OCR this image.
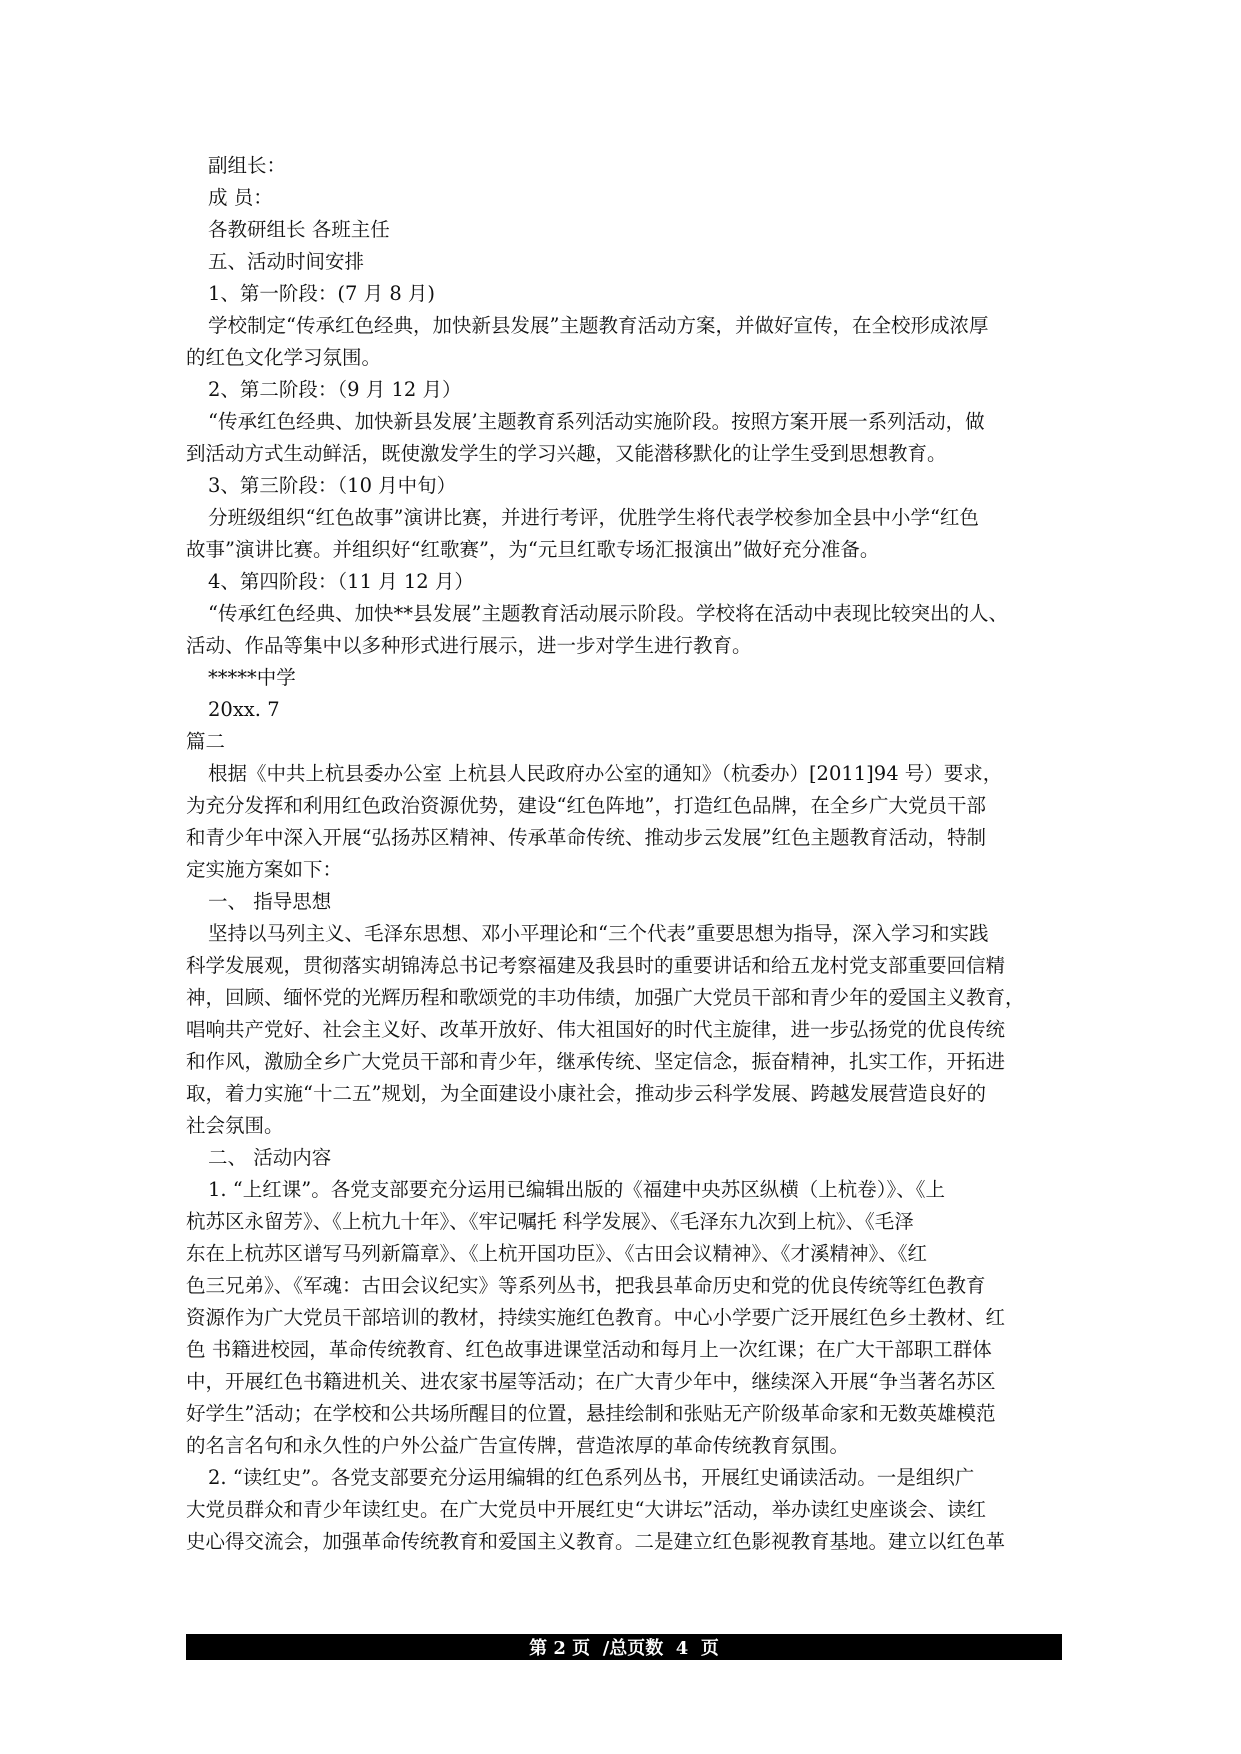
副组长：

成 员：

各教研组长 各班主任

五、活动时间安排

1、第一阶段：(7 月 8 月)

学校制定“传承红色经典，加快新县发展”主题教育活动方案，并做好宣传，在全校形成浓厚

的红色文化学习氛围。

2、第二阶段：（9 月 12 月）

“传承红色经典、加快新县发展’主题教育系列活动实施阶段。按照方案开展一系列活动，做

到活动方式生动鲜活，既使激发学生的学习兴趣，又能潜移默化的让学生受到思想教育。

3、第三阶段：（10 月中旬）

分班级组织“红色故事”演讲比赛，并进行考评，优胜学生将代表学校参加全县中小学“红色

故事”演讲比赛。并组织好“红歌赛”，为“元旦红歌专场汇报演出”做好充分准备。

4、第四阶段：（11 月 12 月）

“传承红色经典、加快**县发展”主题教育活动展示阶段。学校将在活动中表现比较突出的人、

活动、作品等集中以多种形式进行展示，进一步对学生进行教育。

*****中学

20xx. 7

篇二

根据《中共上杭县委办公室 上杭县人民政府办公室的通知》（杭委办）[2011]94 号）要求，

为充分发挥和利用红色政治资源优势，建设“红色阵地”，打造红色品牌，在全乡广大党员干部

和青少年中深入开展“弘扬苏区精神、传承革命传统、推动步云发展”红色主题教育活动，特制

定实施方案如下：

一、 指导思想

坚持以马列主义、毛泽东思想、邓小平理论和“三个代表”重要思想为指导，深入学习和实践

科学发展观，贯彻落实胡锦涛总书记考察福建及我县时的重要讲话和给五龙村党支部重要回信精

神，回顾、缅怀党的光辉历程和歌颂党的丰功伟绩，加强广大党员干部和青少年的爱国主义教育，

唱响共产党好、社会主义好、改革开放好、伟大祖国好的时代主旋律，进一步弘扬党的优良传统

和作风，激励全乡广大党员干部和青少年，继承传统、坚定信念，振奋精神，扎实工作，开拓进

取，着力实施“十二五”规划，为全面建设小康社会，推动步云科学发展、跨越发展营造良好的

社会氛围。

二、 活动内容

1. “上红课”。各党支部要充分运用已编辑出版的《福建中央苏区纵横（上杭卷）》、《上

杭苏区永留芳》、《上杭九十年》、《牢记嘱托 科学发展》、《毛泽东九次到上杭》、《毛泽

东在上杭苏区谱写马列新篇章》、《上杭开国功臣》、《古田会议精神》、《才溪精神》、《红

色三兄弟》、《军魂：古田会议纪实》等系列丛书，把我县革命历史和党的优良传统等红色教育

资源作为广大党员干部培训的教材，持续实施红色教育。中心小学要广泛开展红色乡土教材、红

色 书籍进校园，革命传统教育、红色故事进课堂活动和每月上一次红课；在广大干部职工群体

中，开展红色书籍进机关、进农家书屋等活动；在广大青少年中，继续深入开展“争当著名苏区

好学生”活动；在学校和公共场所醒目的位置，悬挂绘制和张贴无产阶级革命家和无数英雄模范

的名言名句和永久性的户外公益广告宣传牌，营造浓厚的革命传统教育氛围。

2. “读红史”。各党支部要充分运用编辑的红色系列丛书，开展红史诵读活动。一是组织广

大党员群众和青少年读红史。在广大党员中开展红史“大讲坛”活动，举办读红史座谈会、读红

史心得交流会，加强革命传统教育和爱国主义教育。二是建立红色影视教育基地。建立以红色革

第 2 页  /总页数  4  页
